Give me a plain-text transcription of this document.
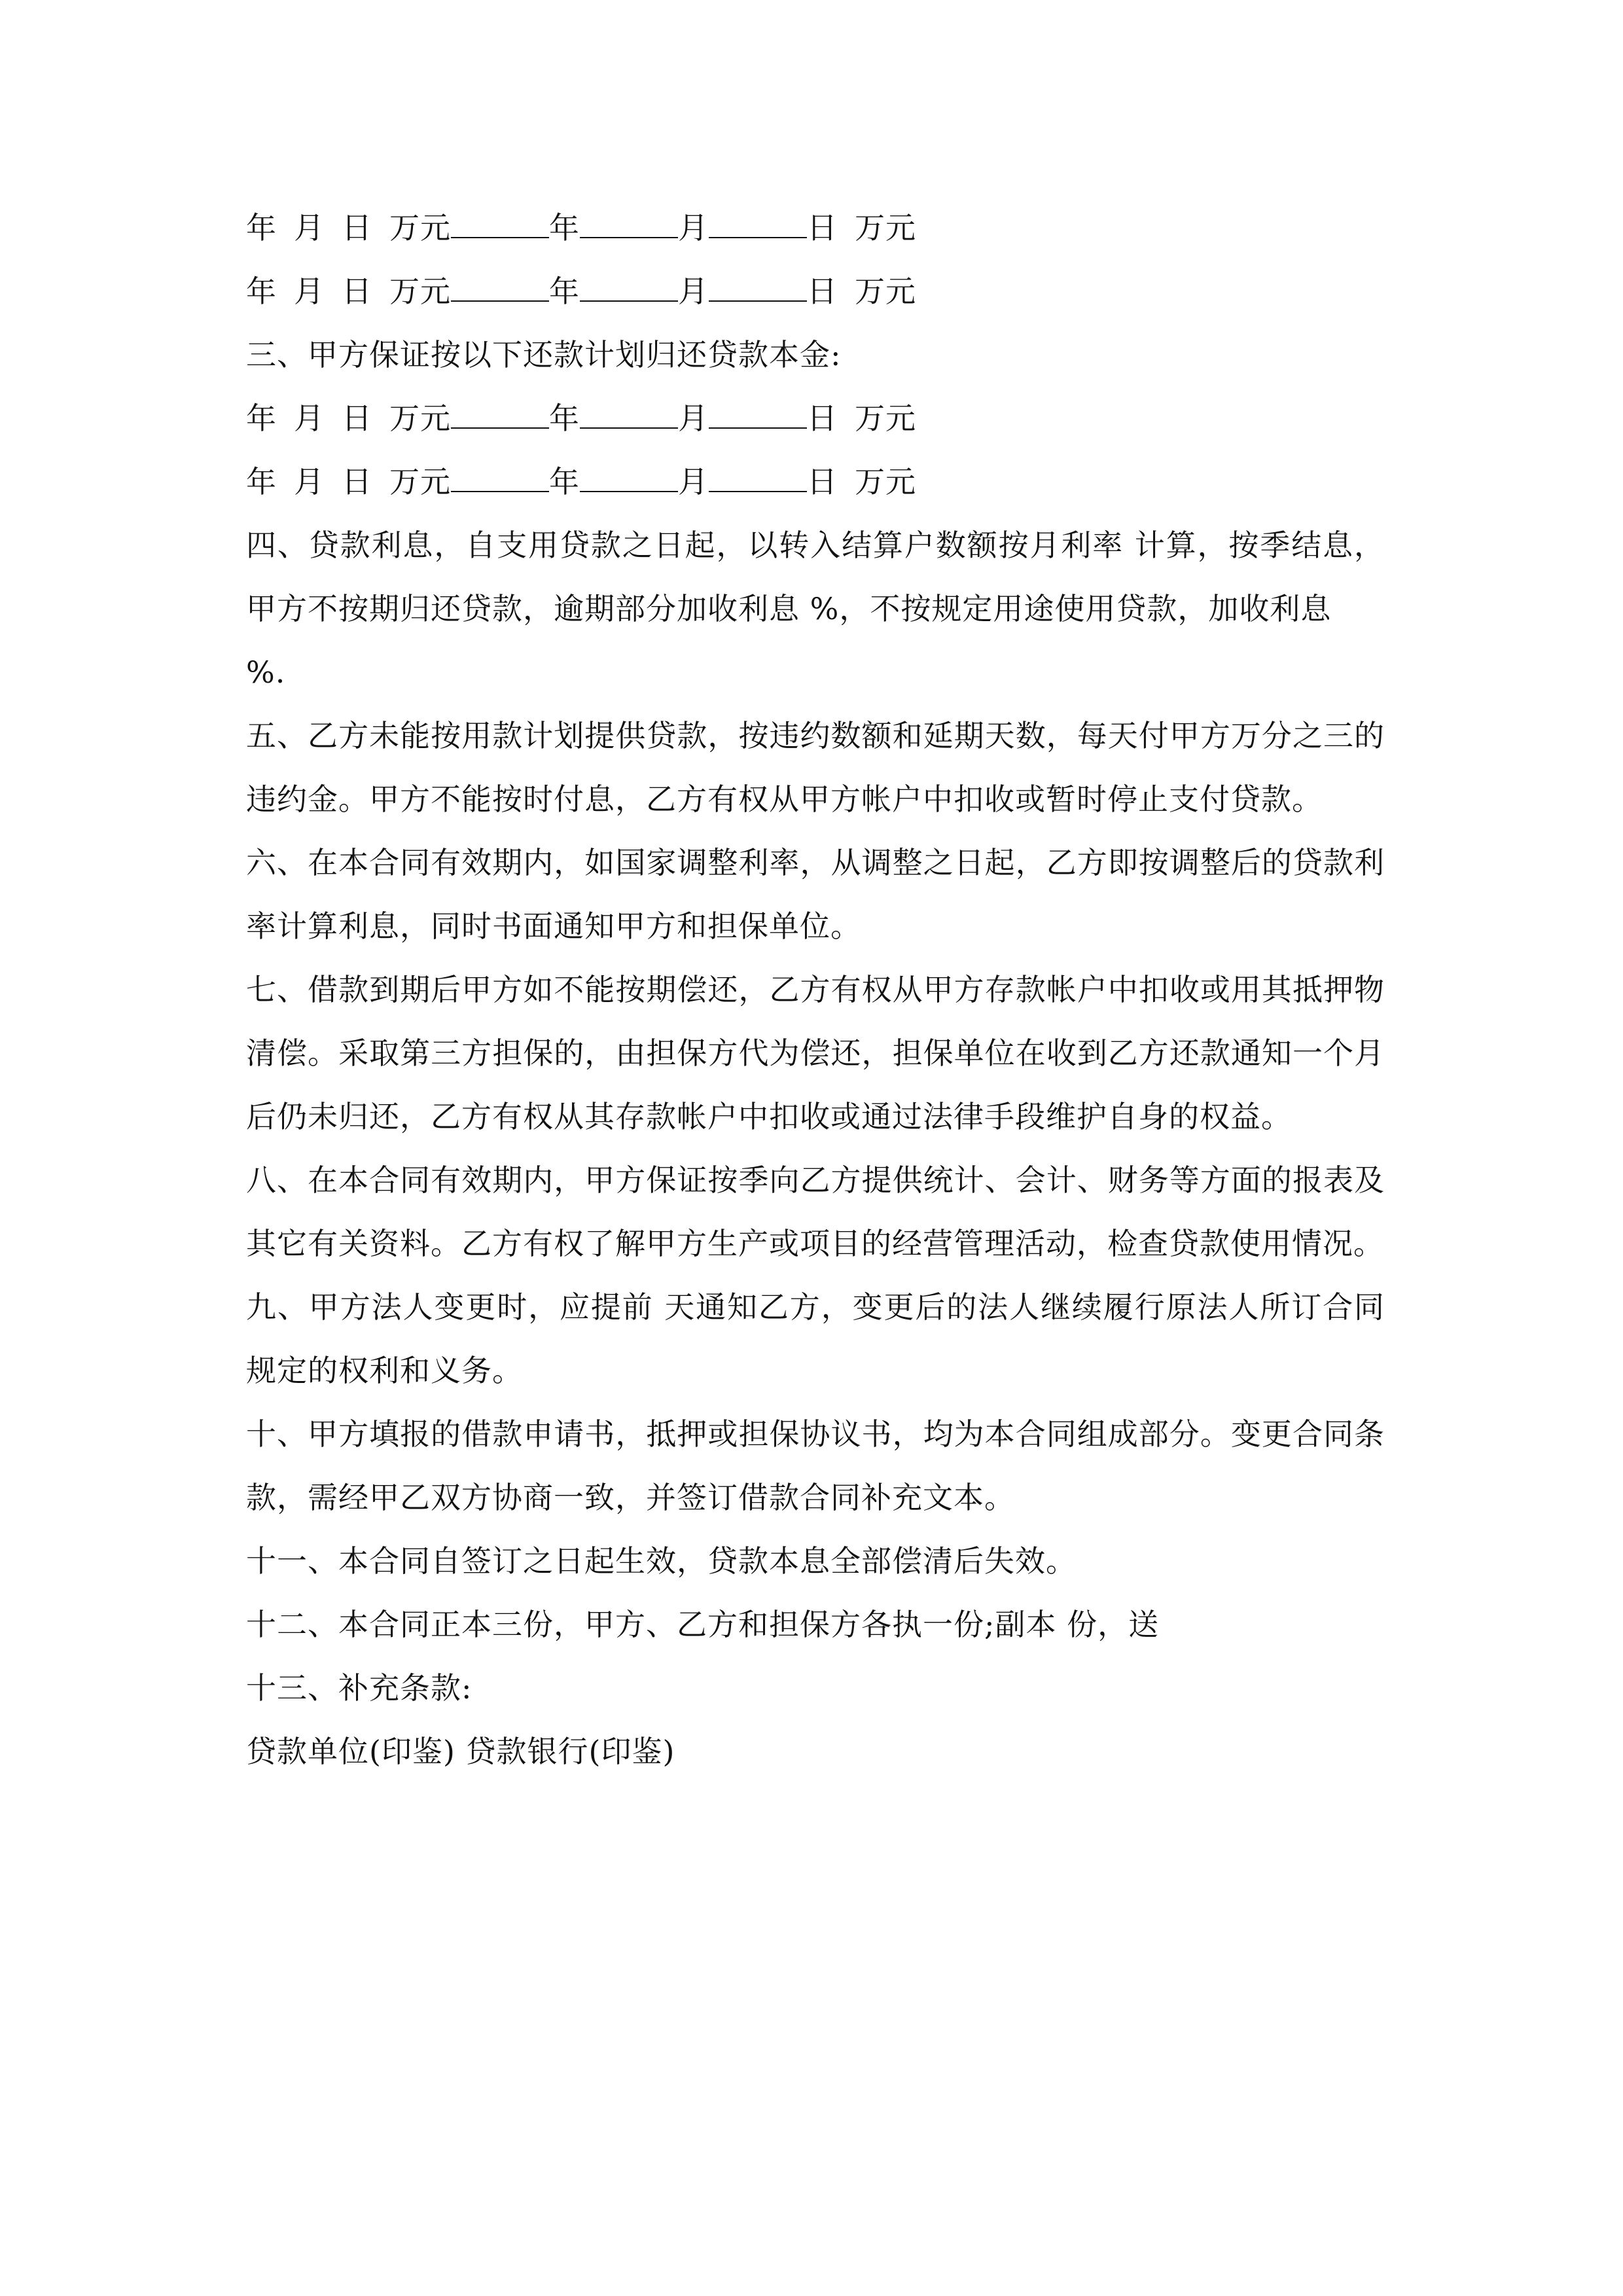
年 月 日 万元	年	月	日 万元
年 月 日 万元	年	月	日 万元
三、甲方保证按以下还款计划归还贷款本金:
年 月 日 万元	年	月	日 万元
年 月 日 万元	年	月	日 万元
四、贷款利息，自支用贷款之日起，以转入结算户数额按月利率 计算，按季结息，甲方不按期归还贷款，逾期部分加收利息 %，不按规定用途使用贷款，加收利息
%.
五、乙方未能按用款计划提供贷款，按违约数额和延期天数，每天付甲方万分之三的违约金。甲方不能按时付息，乙方有权从甲方帐户中扣收或暂时停止支付贷款。
六、在本合同有效期内，如国家调整利率，从调整之日起，乙方即按调整后的贷款利率计算利息，同时书面通知甲方和担保单位。
七、借款到期后甲方如不能按期偿还，乙方有权从甲方存款帐户中扣收或用其抵押物清偿。采取第三方担保的，由担保方代为偿还，担保单位在收到乙方还款通知一个月后仍未归还，乙方有权从其存款帐户中扣收或通过法律手段维护自身的权益。
八、在本合同有效期内，甲方保证按季向乙方提供统计、会计、财务等方面的报表及其它有关资料。乙方有权了解甲方生产或项目的经营管理活动，检查贷款使用情况。
九、甲方法人变更时，应提前 天通知乙方，变更后的法人继续履行原法人所订合同规定的权利和义务。
十、甲方填报的借款申请书，抵押或担保协议书，均为本合同组成部分。变更合同条款，需经甲乙双方协商一致，并签订借款合同补充文本。
十一、本合同自签订之日起生效，贷款本息全部偿清后失效。
十二、本合同正本三份，甲方、乙方和担保方各执一份;副本 份，送
十三、补充条款:
贷款单位(印鉴) 贷款银行(印鉴)
